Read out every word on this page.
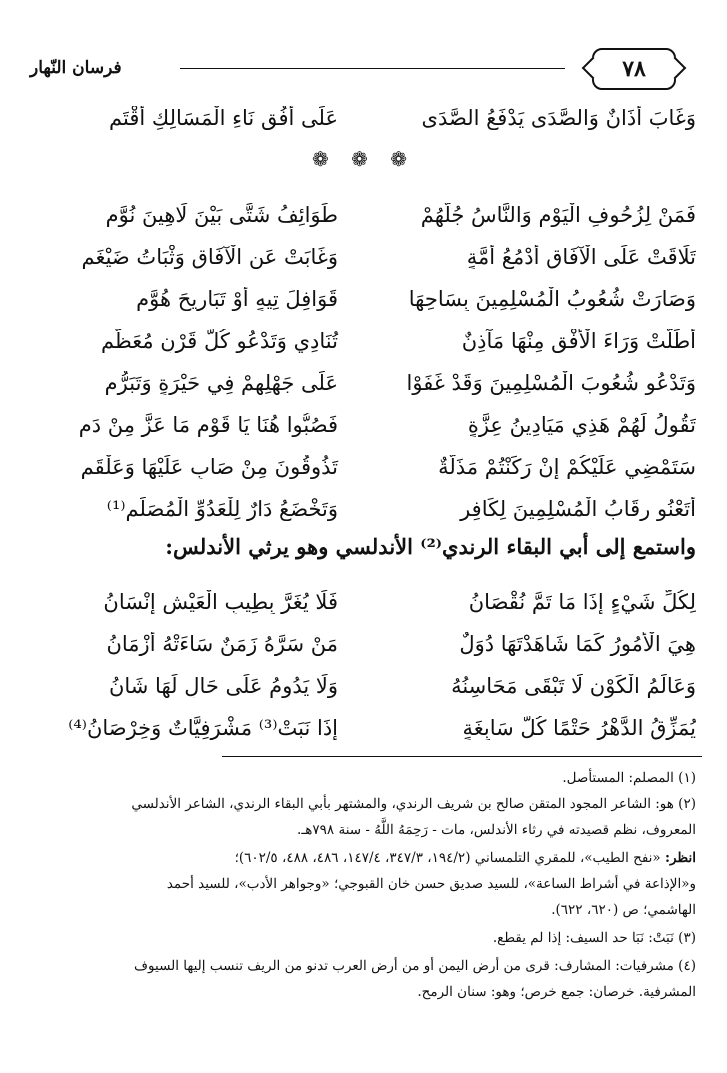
٧٨
فرسان النّهار
وَغَابَ أَذَانٌ وَالصَّدَى يَدْفَعُ الصَّدَى
عَلَى أُفُقٍ نَاءِ الْمَسَالِكِ أَقْتَمِ
❁ ❁ ❁
فَمَنْ لِزُحُوفِ الْيَوْمِ وَالنَّاسُ جُلُّهُمْ
طَوَائِفُ شَتَّى بَيْنَ لَاهِينَ نُوَّمِ
تَلَاقَتْ عَلَى الْآفَاقِ أَدْمُعُ أُمَّةٍ
وَغَابَتْ عَنِ الْآفَاقِ وَثْبَاتُ ضَيْغَمِ
وَصَارَتْ شُعُوبُ الْمُسْلِمِينَ بِسَاحِهَا
قَوَافِلَ تِيهٍ أَوْ تَبَارِيحَ هُوَّمِ
أَطَلَّتْ وَرَاءَ الْأُفْقِ مِنْهَا مَآذِنٌ
تُنَادِي وَتَدْعُو كُلَّ قَرْنٍ مُعَظَّمِ
وَتَدْعُو شُعُوبَ الْمُسْلِمِينَ وَقَدْ غَفَوْا
عَلَى جَهْلِهِمْ فِي حَيْرَةٍ وَتَبَرُّمِ
تَقُولُ لَهُمْ هَذِي مَيَادِينُ عِزَّةٍ
فَصُبُّوا هُنَا يَا قَوْمِ مَا عَزَّ مِنْ دَمِ
سَتَمْضِي عَلَيْكُمْ إِنْ رَكَنْتُمْ مَذَلَّةٌ
تَذُوقُونَ مِنْ صَابٍ عَلَيْهَا وَعَلْقَمِ
أَتَعْنُو رِقَابُ الْمُسْلِمِينَ لِكَافِرٍ
وَتَخْضَعُ دَارٌ لِلْعَدُوِّ الْمُصَلِّمِ⁽¹⁾
واستمع إلى أبي البقاء الرندي⁽²⁾ الأندلسي وهو يرثي الأندلس:
لِكُلِّ شَيْءٍ إِذَا مَا تَمَّ نُقْصَانُ
فَلَا يُغَرَّ بِطِيبِ الْعَيْشِ إِنْسَانُ
هِيَ الْأُمُورُ كَمَا شَاهَدْتَهَا دُوَلٌ
مَنْ سَرَّهُ زَمَنٌ سَاءَتْهُ أَزْمَانُ
وَعَالَمُ الْكَوْنِ لَا تَبْقَى مَحَاسِنُهُ
وَلَا يَدُومُ عَلَى حَالٍ لَهَا شَانُ
يُمَزِّقُ الدَّهْرُ حَتْمًا كُلَّ سَابِغَةٍ
إِذَا نَبَتْ⁽³⁾ مَشْرَفِيَّاتٌ وَخِرْصَانُ⁽⁴⁾
(١) المصلم: المستأصل.
(٢) هو: الشاعر المجود المتقن صالح بن شريف الرندي، والمشتهر بأبي البقاء الرندي، الشاعر الأندلسي
المعروف، نظم قصيدته في رثاء الأندلس، مات - رَحِمَهُ اللَّهُ - سنة ٧٩٨هـ.
انظر: «نفح الطيب»، للمقري التلمساني (١٩٤/٢، ٣٤٧/٣، ١٤٧/٤، ٤٨٦، ٤٨٨، ٦٠٢/٥)؛
و«الإذاعة في أشراط الساعة»، للسيد صديق حسن خان القبوجي؛ «وجواهر الأدب»، للسيد أحمد
الهاشمي؛ ص (٦٢٠، ٦٢٢).
(٣) نَبَتْ: نَبَا حد السيف: إذا لم يقطع.
(٤) مشرفيات: المشارف: قرى من أرض اليمن أو من أرض العرب تدنو من الريف تنسب إليها السيوف
المشرفية. خرصان: جمع خرص؛ وهو: سنان الرمح.
